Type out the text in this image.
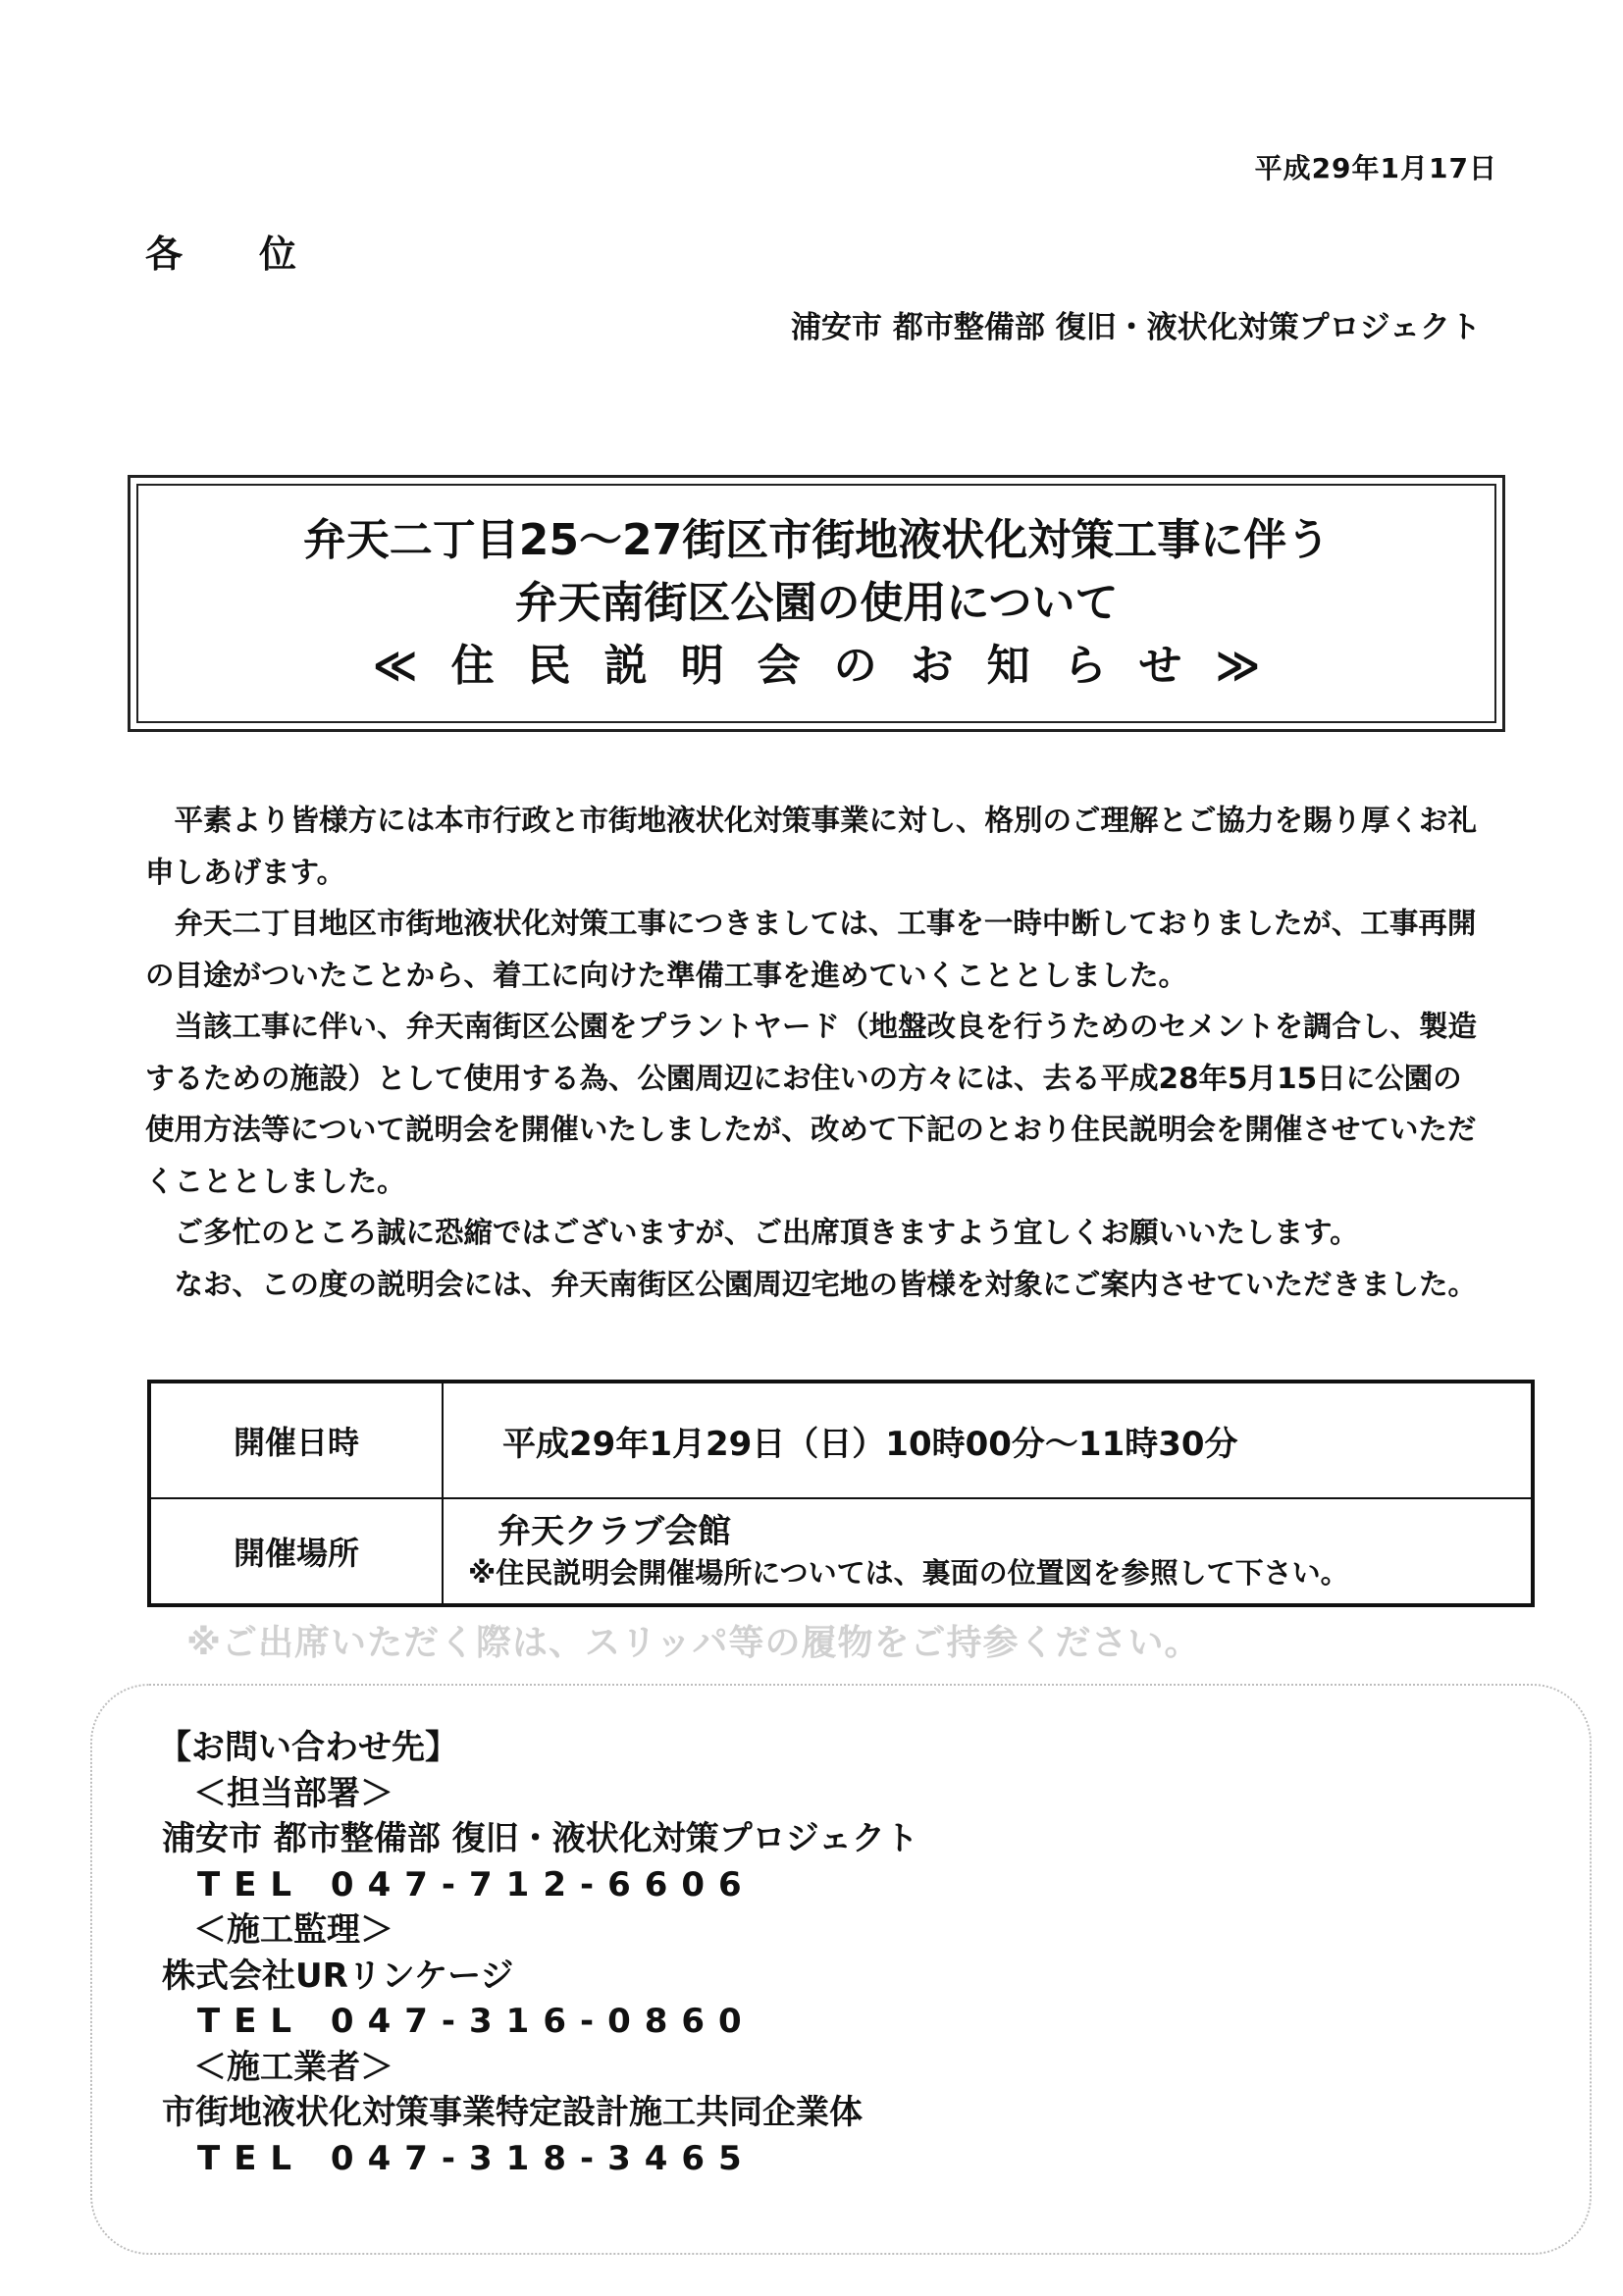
平成29年1月17日
各 位
浦安市 都市整備部 復旧・液状化対策プロジェクト
弁天二丁目25～27街区市街地液状化対策工事に伴う
弁天南街区公園の使用について
≪住民説明会のお知らせ≫

平素より皆様方には本市行政と市街地液状化対策事業に対し、格別のご理解とご協力を賜り厚くお礼申しあげます。

弁天二丁目地区市街地液状化対策工事につきましては、工事を一時中断しておりましたが、工事再開の目途がついたことから、着工に向けた準備工事を進めていくこととしました。

当該工事に伴い、弁天南街区公園をプラントヤード（地盤改良を行うためのセメントを調合し、製造するための施設）として使用する為、公園周辺にお住いの方々には、去る平成28年5月15日に公園の使用方法等について説明会を開催いたしましたが、改めて下記のとおり住民説明会を開催させていただくこととしました。

ご多忙のところ誠に恐縮ではございますが、ご出席頂きますよう宜しくお願いいたします。

なお、この度の説明会には、弁天南街区公園周辺宅地の皆様を対象にご案内させていただきました。

開催日時	平成29年1月29日（日）10時00分～11時30分
開催場所
弁天クラブ会館
※住民説明会開催場所については、裏面の位置図を参照して下さい。
※ご出席いただく際は、スリッパ等の履物をご持参ください。
【お問い合わせ先】
＜担当部署＞
浦安市 都市整備部 復旧・液状化対策プロジェクト
TEL 047-712-6606
＜施工監理＞
株式会社URリンケージ
TEL 047-316-0860
＜施工業者＞
市街地液状化対策事業特定設計施工共同企業体
TEL 047-318-3465
